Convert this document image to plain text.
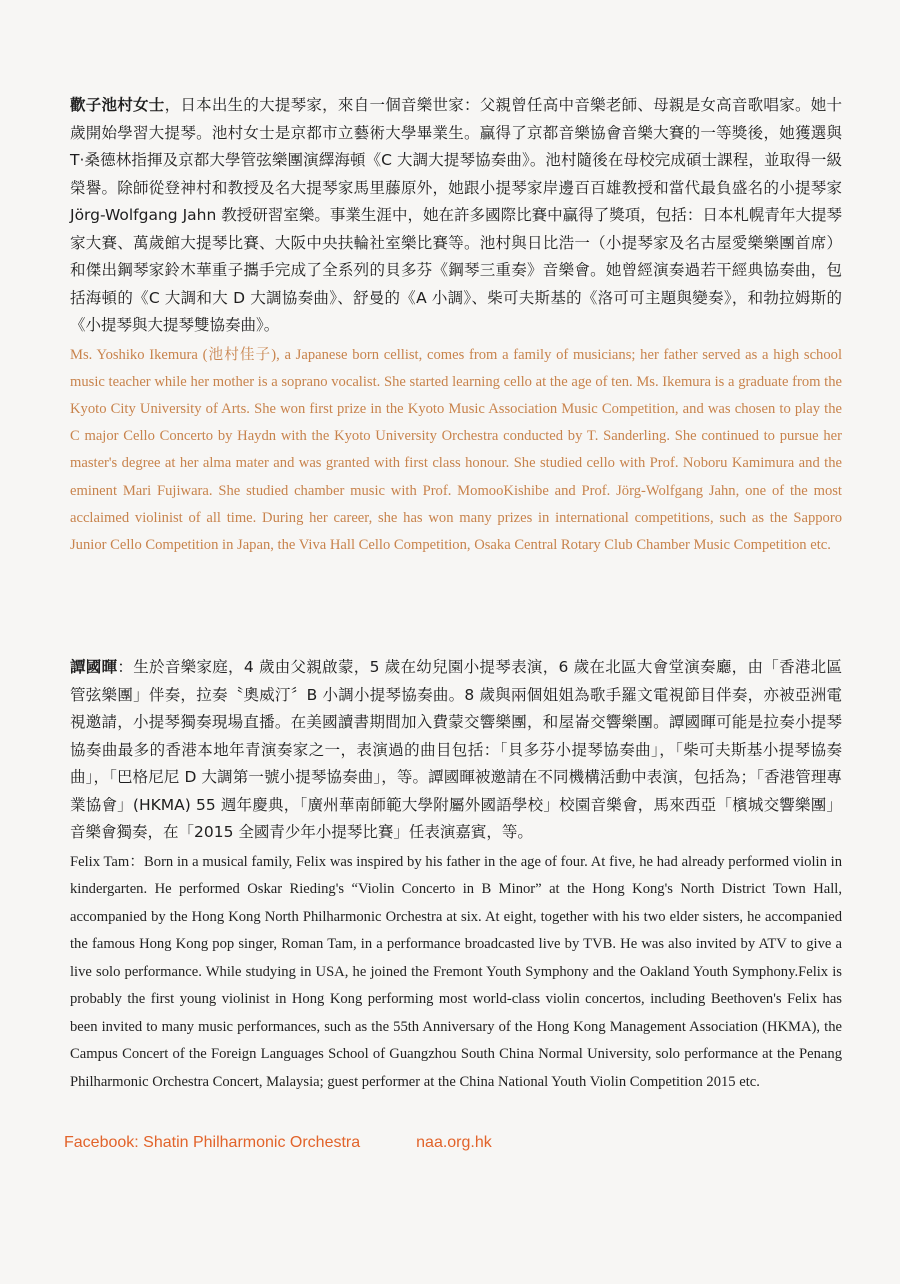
歡子池村女士，日本出生的大提琴家，來自一個音樂世家：父親曾任高中音樂老師、母親是女高音歌唱家。她十歲開始學習大提琴。池村女士是京都市立藝術大學畢業生。贏得了京都音樂協會音樂大賽的一等獎後，她獲選與 T·桑德林指揮及京都大學管弦樂團演繹海頓《C 大調大提琴協奏曲》。池村隨後在母校完成碩士課程，並取得一級榮譽。除師從登神村和教授及名大提琴家馬里藤原外，她跟小提琴家岸邊百百雄教授和當代最負盛名的小提琴家 Jörg-Wolfgang Jahn 教授研習室樂。事業生涯中，她在許多國際比賽中贏得了獎項，包括：日本札幌青年大提琴家大賽、萬歲館大提琴比賽、大阪中央扶輪社室樂比賽等。池村與日比浩一（小提琴家及名古屋愛樂樂團首席）和傑出鋼琴家鈴木華重子攜手完成了全系列的貝多芬《鋼琴三重奏》音樂會。她曾經演奏過若干經典協奏曲，包括海頓的《C 大調和大 D 大調協奏曲》、舒曼的《A 小調》、柴可夫斯基的《洛可可主題與變奏》，和勃拉姆斯的《小提琴與大提琴雙協奏曲》。

Ms. Yoshiko Ikemura (池村佳子), a Japanese born cellist, comes from a family of musicians; her father served as a high school music teacher while her mother is a soprano vocalist. She started learning cello at the age of ten. Ms. Ikemura is a graduate from the Kyoto City University of Arts. She won first prize in the Kyoto Music Association Music Competition, and was chosen to play the C major Cello Concerto by Haydn with the Kyoto University Orchestra conducted by T. Sanderling. She continued to pursue her master's degree at her alma mater and was granted with first class honour. She studied cello with Prof. Noboru Kamimura and the eminent Mari Fujiwara. She studied chamber music with Prof. MomooKishibe and Prof. Jörg-Wolfgang Jahn, one of the most acclaimed violinist of all time. During her career, she has won many prizes in international competitions, such as the Sapporo Junior Cello Competition in Japan, the Viva Hall Cello Competition, Osaka Central Rotary Club Chamber Music Competition etc.

譚國暉：生於音樂家庭，4 歲由父親啟蒙，5 歲在幼兒園小提琴表演，6 歲在北區大會堂演奏廳，由「香港北區管弦樂團」伴奏，拉奏〝奧威汀〞B 小調小提琴協奏曲。8 歲與兩個姐姐為歌手羅文電視節目伴奏，亦被亞洲電視邀請，小提琴獨奏現場直播。在美國讀書期間加入費蒙交響樂團，和屋崙交響樂團。譚國暉可能是拉奏小提琴協奏曲最多的香港本地年青演奏家之一，表演過的曲目包括：「貝多芬小提琴協奏曲」，「柴可夫斯基小提琴協奏曲」，「巴格尼尼 D 大調第一號小提琴協奏曲」，等。譚國暉被邀請在不同機構活動中表演，包括為；「香港管理專業協會」(HKMA) 55 週年慶典，「廣州華南師範大學附屬外國語學校」校園音樂會，馬來西亞「檳城交響樂團」音樂會獨奏，在「2015 全國青少年小提琴比賽」任表演嘉賓，等。

Felix Tam：Born in a musical family, Felix was inspired by his father in the age of four. At five, he had already performed violin in kindergarten. He performed Oskar Rieding's “Violin Concerto in B Minor” at the Hong Kong's North District Town Hall, accompanied by the Hong Kong North Philharmonic Orchestra at six. At eight, together with his two elder sisters, he accompanied the famous Hong Kong pop singer, Roman Tam, in a performance broadcasted live by TVB. He was also invited by ATV to give a live solo performance. While studying in USA, he joined the Fremont Youth Symphony and the Oakland Youth Symphony.Felix is probably the first young violinist in Hong Kong performing most world-class violin concertos, including Beethoven's Felix has been invited to many music performances, such as the 55th Anniversary of the Hong Kong Management Association (HKMA), the Campus Concert of the Foreign Languages School of Guangzhou South China Normal University, solo performance at the Penang Philharmonic Orchestra Concert, Malaysia; guest performer at the China National Youth Violin Competition 2015 etc.

Facebook: Shatin Philharmonic Orchestra	naa.org.hk
